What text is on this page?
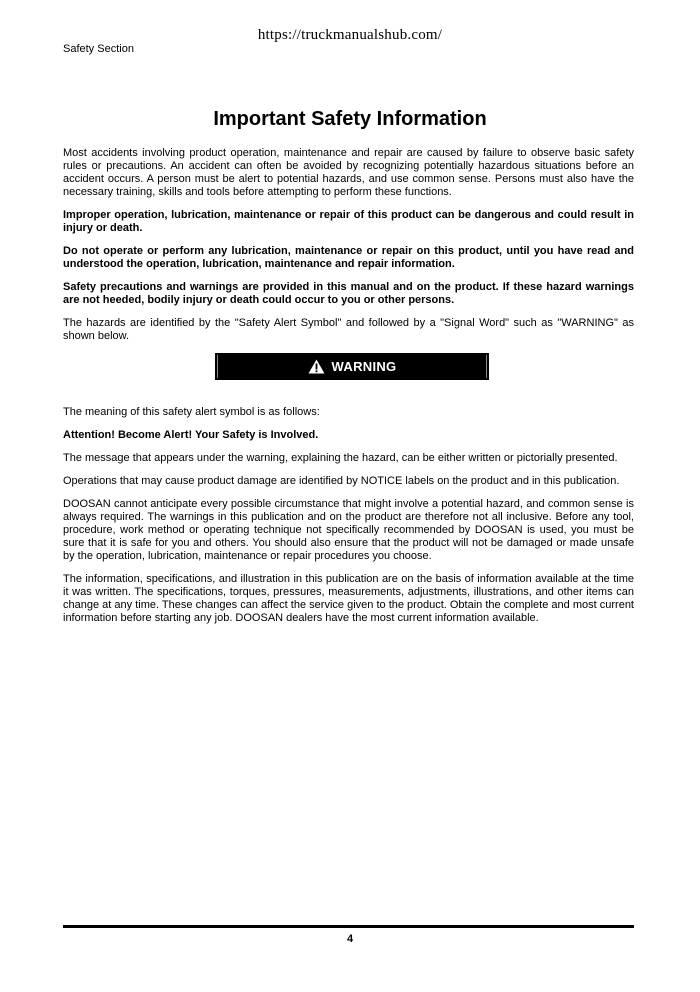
https://truckmanualshub.com/
Safety Section
Important Safety Information

Most accidents involving product operation, maintenance and repair are caused by failure to observe basic safety rules or precautions. An accident can often be avoided by recognizing potentially hazardous situations before an accident occurs. A person must be alert to potential hazards, and use common sense. Persons must also have the necessary training, skills and tools before attempting to perform these functions.

Improper operation, lubrication, maintenance or repair of this product can be dangerous and could result in injury or death.

Do not operate or perform any lubrication, maintenance or repair on this product, until you have read and understood the operation, lubrication, maintenance and repair information.

Safety precautions and warnings are provided in this manual and on the product. If these hazard warnings are not heeded, bodily injury or death could occur to you or other persons.

The hazards are identified by the "Safety Alert Symbol" and followed by a "Signal Word" such as "WARNING" as shown below.

WARNING

The meaning of this safety alert symbol is as follows:

Attention! Become Alert! Your Safety is Involved.

The message that appears under the warning, explaining the hazard, can be either written or pictorially presented.

Operations that may cause product damage are identified by NOTICE labels on the product and in this publication.

DOOSAN cannot anticipate every possible circumstance that might involve a potential hazard, and common sense is always required. The warnings in this publication and on the product are therefore not all inclusive. Before any tool, procedure, work method or operating technique not specifically recommended by DOOSAN is used, you must be sure that it is safe for you and others. You should also ensure that the product will not be damaged or made unsafe by the operation, lubrication, maintenance or repair procedures you choose.

The information, specifications, and illustration in this publication are on the basis of information available at the time it was written. The specifications, torques, pressures, measurements, adjustments, illustrations, and other items can change at any time. These changes can affect the service given to the product. Obtain the complete and most current information before starting any job. DOOSAN dealers have the most current information available.

4
